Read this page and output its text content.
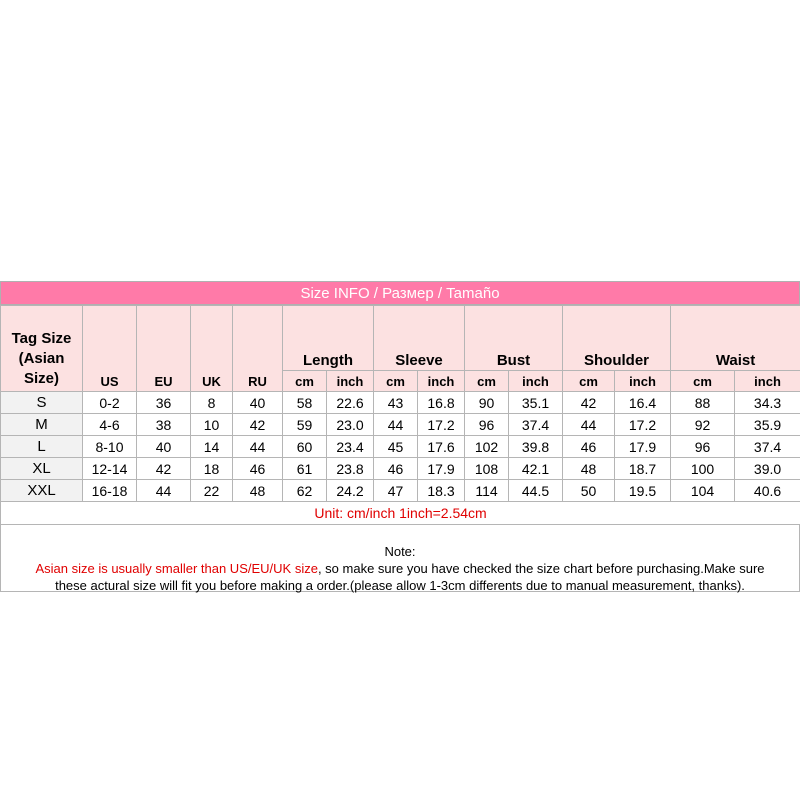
Size INFO / Размер / Tamaño
Tag Size
(Asian
Size)	US	EU	UK	RU	Length		Sleeve		Bust		Shoulder		Waist	
					cm	inch	cm	inch	cm	inch	cm	inch	cm	inch
S	0-2	36	8	40	58	22.6	43	16.8	90	35.1	42	16.4	88	34.3
M	4-6	38	10	42	59	23.0	44	17.2	96	37.4	44	17.2	92	35.9
L	8-10	40	14	44	60	23.4	45	17.6	102	39.8	46	17.9	96	37.4
XL	12-14	42	18	46	61	23.8	46	17.9	108	42.1	48	18.7	100	39.0
XXL	16-18	44	22	48	62	24.2	47	18.3	114	44.5	50	19.5	104	40.6
Unit: cm/inch 1inch=2.54cm														
Note:
Asian size is usually smaller than US/EU/UK size, so make sure you have checked the size chart before purchasing.Make sure
these actural size will fit you before making a order.(please allow 1-3cm differents due to manual measurement, thanks).
